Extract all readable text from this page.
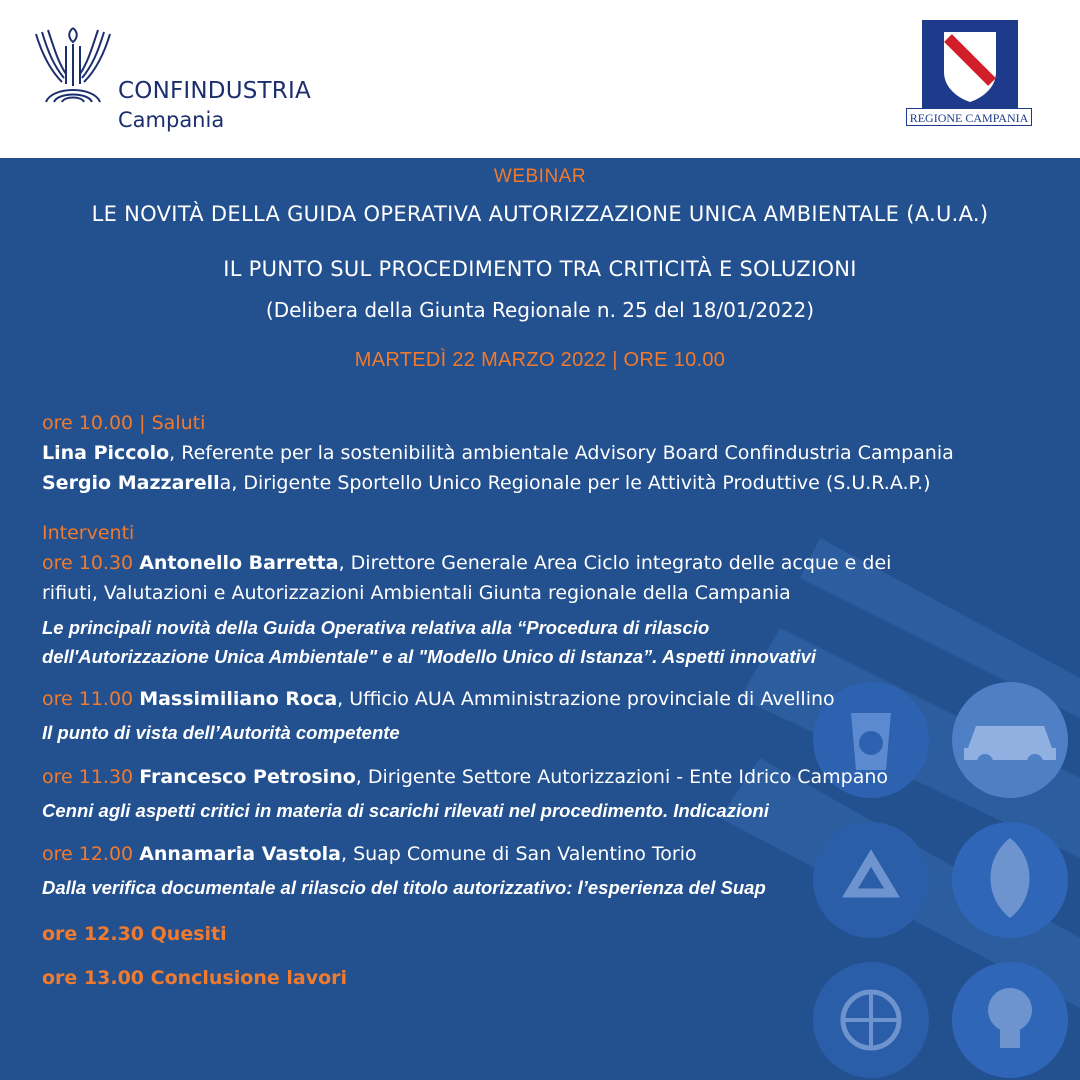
CONFINDUSTRIA
Campania	REGIONE CAMPANIA
WEBINAR
LE NOVITÀ DELLA GUIDA OPERATIVA AUTORIZZAZIONE UNICA AMBIENTALE (A.U.A.)
IL PUNTO SUL PROCEDIMENTO TRA CRITICITÀ E SOLUZIONI
(Delibera della Giunta Regionale n. 25 del 18/01/2022)
MARTEDÌ 22 MARZO 2022 | ORE 10.00
ore 10.00 | Saluti
Lina Piccolo, Referente per la sostenibilità ambientale Advisory Board Confindustria Campania
Sergio Mazzarella, Dirigente Sportello Unico Regionale per le Attività Produttive (S.U.R.A.P.)
Interventi
ore 10.30 Antonello Barretta, Direttore Generale Area Ciclo integrato delle acque e dei
rifiuti, Valutazioni e Autorizzazioni Ambientali Giunta regionale della Campania
Le principali novità della Guida Operativa relativa alla “Procedura di rilascio
dell'Autorizzazione Unica Ambientale" e al "Modello Unico di Istanza”. Aspetti innovativi
ore 11.00 Massimiliano Roca, Ufficio AUA Amministrazione provinciale di Avellino
Il punto di vista dell’Autorità competente
ore 11.30 Francesco Petrosino, Dirigente Settore Autorizzazioni - Ente Idrico Campano
Cenni agli aspetti critici in materia di scarichi rilevati nel procedimento. Indicazioni
ore 12.00 Annamaria Vastola, Suap Comune di San Valentino Torio
Dalla verifica documentale al rilascio del titolo autorizzativo: l’esperienza del Suap
ore 12.30 Quesiti
ore 13.00 Conclusione lavori
